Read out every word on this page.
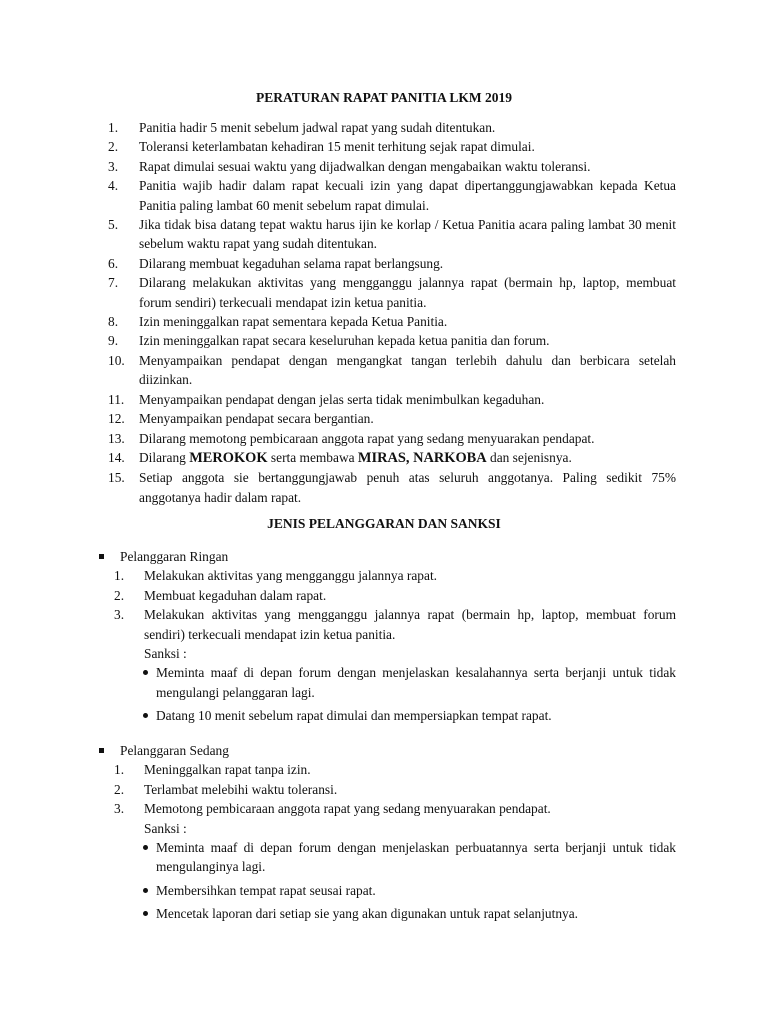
PERATURAN RAPAT PANITIA LKM 2019
1.	Panitia hadir 5 menit sebelum jadwal rapat yang sudah ditentukan.
2.	Toleransi keterlambatan kehadiran 15 menit terhitung sejak rapat dimulai.
3.	Rapat dimulai sesuai waktu yang dijadwalkan dengan mengabaikan waktu toleransi.
4.	Panitia wajib hadir dalam rapat kecuali izin yang dapat dipertanggungjawabkan kepada Ketua Panitia paling lambat 60 menit sebelum rapat dimulai.
5.	Jika tidak bisa datang tepat waktu harus ijin ke korlap / Ketua Panitia acara paling lambat 30 menit sebelum waktu rapat yang sudah ditentukan.
6.	Dilarang membuat kegaduhan selama rapat berlangsung.
7.	Dilarang melakukan aktivitas yang mengganggu jalannya rapat (bermain hp, laptop, membuat forum sendiri) terkecuali mendapat izin ketua panitia.
8.	Izin meninggalkan rapat sementara kepada Ketua Panitia.
9.	Izin meninggalkan rapat secara keseluruhan kepada ketua panitia dan forum.
10.	Menyampaikan pendapat dengan mengangkat tangan terlebih dahulu dan berbicara setelah diizinkan.
11.	Menyampaikan pendapat dengan jelas serta tidak menimbulkan kegaduhan.
12.	Menyampaikan pendapat secara bergantian.
13.	Dilarang memotong pembicaraan anggota rapat yang sedang menyuarakan pendapat.
14.	Dilarang MEROKOK serta membawa MIRAS, NARKOBA dan sejenisnya.
15.	Setiap anggota sie bertanggungjawab penuh atas seluruh anggotanya. Paling sedikit 75% anggotanya hadir dalam rapat.
JENIS PELANGGARAN DAN SANKSI
Pelanggaran Ringan
1.	Melakukan aktivitas yang mengganggu jalannya rapat.
2.	Membuat kegaduhan dalam rapat.
3.	Melakukan aktivitas yang mengganggu jalannya rapat (bermain hp, laptop, membuat forum sendiri) terkecuali mendapat izin ketua panitia.
Sanksi :
Meminta maaf di depan forum dengan menjelaskan kesalahannya serta berjanji untuk tidak mengulangi pelanggaran lagi.
Datang 10 menit sebelum rapat dimulai dan mempersiapkan tempat rapat.
Pelanggaran Sedang
1.	Meninggalkan rapat tanpa izin.
2.	Terlambat melebihi waktu toleransi.
3.	Memotong pembicaraan anggota rapat yang sedang menyuarakan pendapat.
Sanksi :
Meminta maaf di depan forum dengan menjelaskan perbuatannya serta berjanji untuk tidak mengulanginya lagi.
Membersihkan tempat rapat seusai rapat.
Mencetak laporan dari setiap sie yang akan digunakan untuk rapat selanjutnya.
